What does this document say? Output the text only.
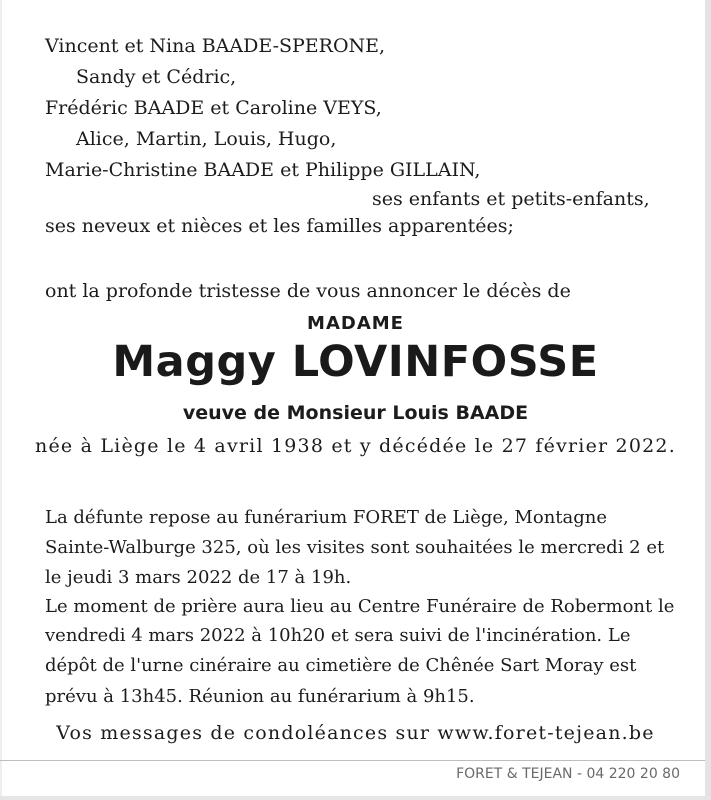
Vincent et Nina BAADE-SPERONE,
Sandy et Cédric,
Frédéric BAADE et Caroline VEYS,
Alice, Martin, Louis, Hugo,
Marie-Christine BAADE et Philippe GILLAIN,
ses enfants et petits-enfants,
ses neveux et nièces et les familles apparentées;
ont la profonde tristesse de vous annoncer le décès de
MADAME
Maggy LOVINFOSSE
veuve de Monsieur Louis BAADE
née à Liège le 4 avril 1938 et y décédée le 27 février 2022.
La défunte repose au funérarium FORET de Liège, Montagne
Sainte-Walburge 325, où les visites sont souhaitées le mercredi 2 et
le jeudi 3 mars 2022 de 17 à 19h.
Le moment de prière aura lieu au Centre Funéraire de Robermont le
vendredi 4 mars 2022 à 10h20 et sera suivi de l'incinération. Le
dépôt de l'urne cinéraire au cimetière de Chênée Sart Moray est
prévu à 13h45. Réunion au funérarium à 9h15.
Vos messages de condoléances sur www.foret-tejean.be
FORET & TEJEAN - 04 220 20 80
